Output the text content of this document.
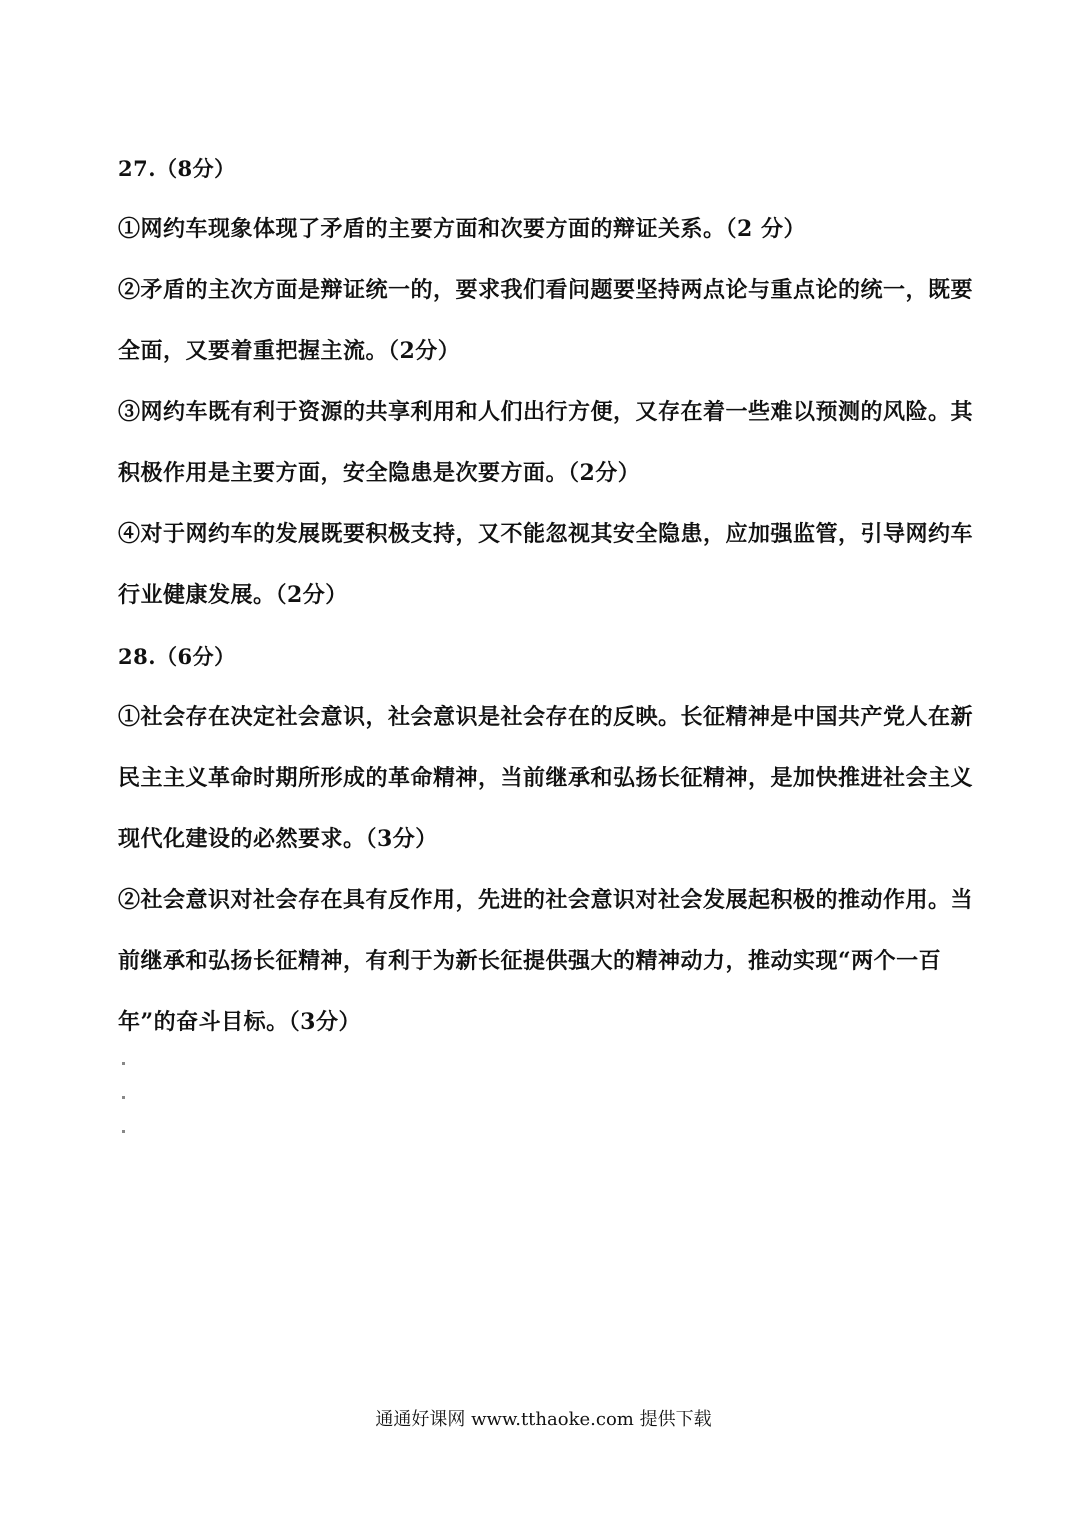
27.（8分）
①网约车现象体现了矛盾的主要方面和次要方面的辩证关系。（2 分）
②矛盾的主次方面是辩证统一的，要求我们看问题要坚持两点论与重点论的统一，既要
全面，又要着重把握主流。（2分）
③网约车既有利于资源的共享利用和人们出行方便，又存在着一些难以预测的风险。其
积极作用是主要方面，安全隐患是次要方面。（2分）
④对于网约车的发展既要积极支持，又不能忽视其安全隐患，应加强监管，引导网约车
行业健康发展。（2分）
28.（6分）
①社会存在决定社会意识，社会意识是社会存在的反映。长征精神是中国共产党人在新
民主主义革命时期所形成的革命精神，当前继承和弘扬长征精神，是加快推进社会主义
现代化建设的必然要求。（3分）
②社会意识对社会存在具有反作用，先进的社会意识对社会发展起积极的推动作用。当
前继承和弘扬长征精神，有利于为新长征提供强大的精神动力，推动实现“两个一百
年”的奋斗目标。（3分）
通通好课网 www.tthaoke.com 提供下载
